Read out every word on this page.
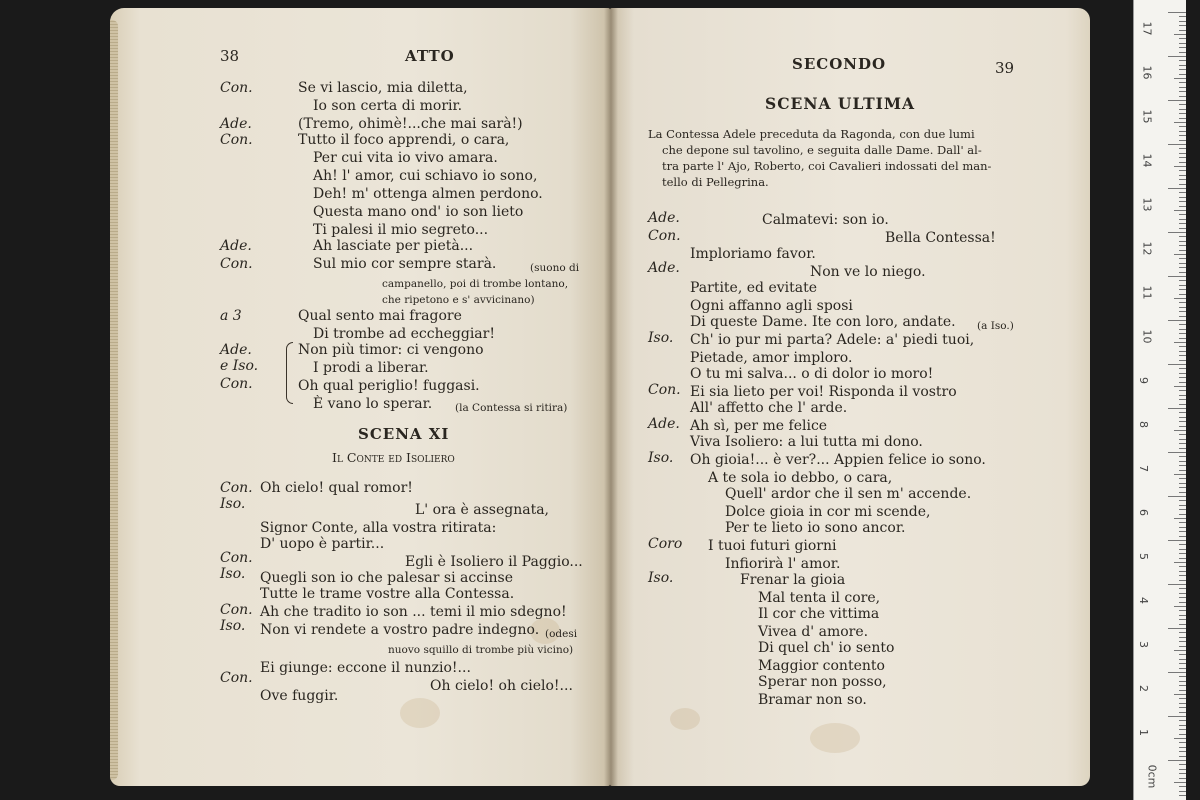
38	ATTO
Con.	Se vi lascio, mia diletta,
Io son certa di morir.
Ade.	(Tremo, ohimè!...che mai sarà!)
Con.	Tutto il foco apprendi, o cara,
Per cui vita io vivo amara.
Ah! l' amor, cui schiavo io sono,
Deh! m' ottenga almen perdono.
Questa mano ond' io son lieto
Ti palesi il mio segreto...
Ade.	Ah lasciate per pietà...
Con.	Sul mio cor sempre starà.	(suono di
campanello, poi di trombe lontano,
che ripetono e s' avvicinano)
a 3	Qual sento mai fragore
Di trombe ad eccheggiar!
Ade.	Non più timor: ci vengono
e Iso.	I prodi a liberar.
Con.	Oh qual periglio! fuggasi.
È vano lo sperar. (la Contessa si ritira)
SCENA XI
Il Conte ed Isoliero
Con. Oh cielo! qual romor!
Iso.	L' ora è assegnata,
Signor Conte, alla vostra ritirata:
D' uopo è partir...
Con.	Egli è Isoliero il Paggio...
Iso. Quegli son io che palesar si accinse
Tutte le trame vostre alla Contessa.
Con. Ah che tradito io son ... temi il mio sdegno!
Iso. Non vi rendete a vostro padre indegno. (odesi
nuovo squillo di trombe più vicino)
Ei giunge: eccone il nunzio!...
Con.	Oh cielo! oh cielo!...
Ove fuggir.
SECONDO	39
SCENA ULTIMA
La Contessa Adele preceduta da Ragonda, con due lumi
che depone sul tavolino, e seguita dalle Dame. Dall' al-
tra parte l' Ajo, Roberto, coi Cavalieri indossati del man-
tello di Pellegrina.
Ade.	Calmatevi: son io.
Con.	Bella Contessa!
Imploriamo favor.
Ade.	Non ve lo niego.
Partite, ed evitate
Ogni affanno agli sposi
Di queste Dame. Ite con loro, andate. (a Iso.)
Iso. Ch' io pur mi parta? Adele: a' piedi tuoi,
Pietade, amor imploro.
O tu mi salva... o di dolor io moro!
Con. Ei sia lieto per voi! Risponda il vostro
All' affetto che l' arde.
Ade. Ah sì, per me felice
Viva Isoliero: a lui tutta mi dono.
Iso. Oh gioia!... è ver?... Appien felice io sono.
A te sola io debbo, o cara,
Quell' ardor che il sen m' accende.
Dolce gioia in cor mi scende,
Per te lieto io sono ancor.
Coro I tuoi futuri giorni
Infiorirà l' amor.
Iso.	Frenar la gioia
Mal tenta il core,
Il cor che vittima
Vivea d' amore.
Di quel ch' io sento
Maggior contento
Sperar non posso,
Bramar non so.
17
16
15
14
13
12
11
10
9
8
7
6
5
4
3
2
1
0cm
